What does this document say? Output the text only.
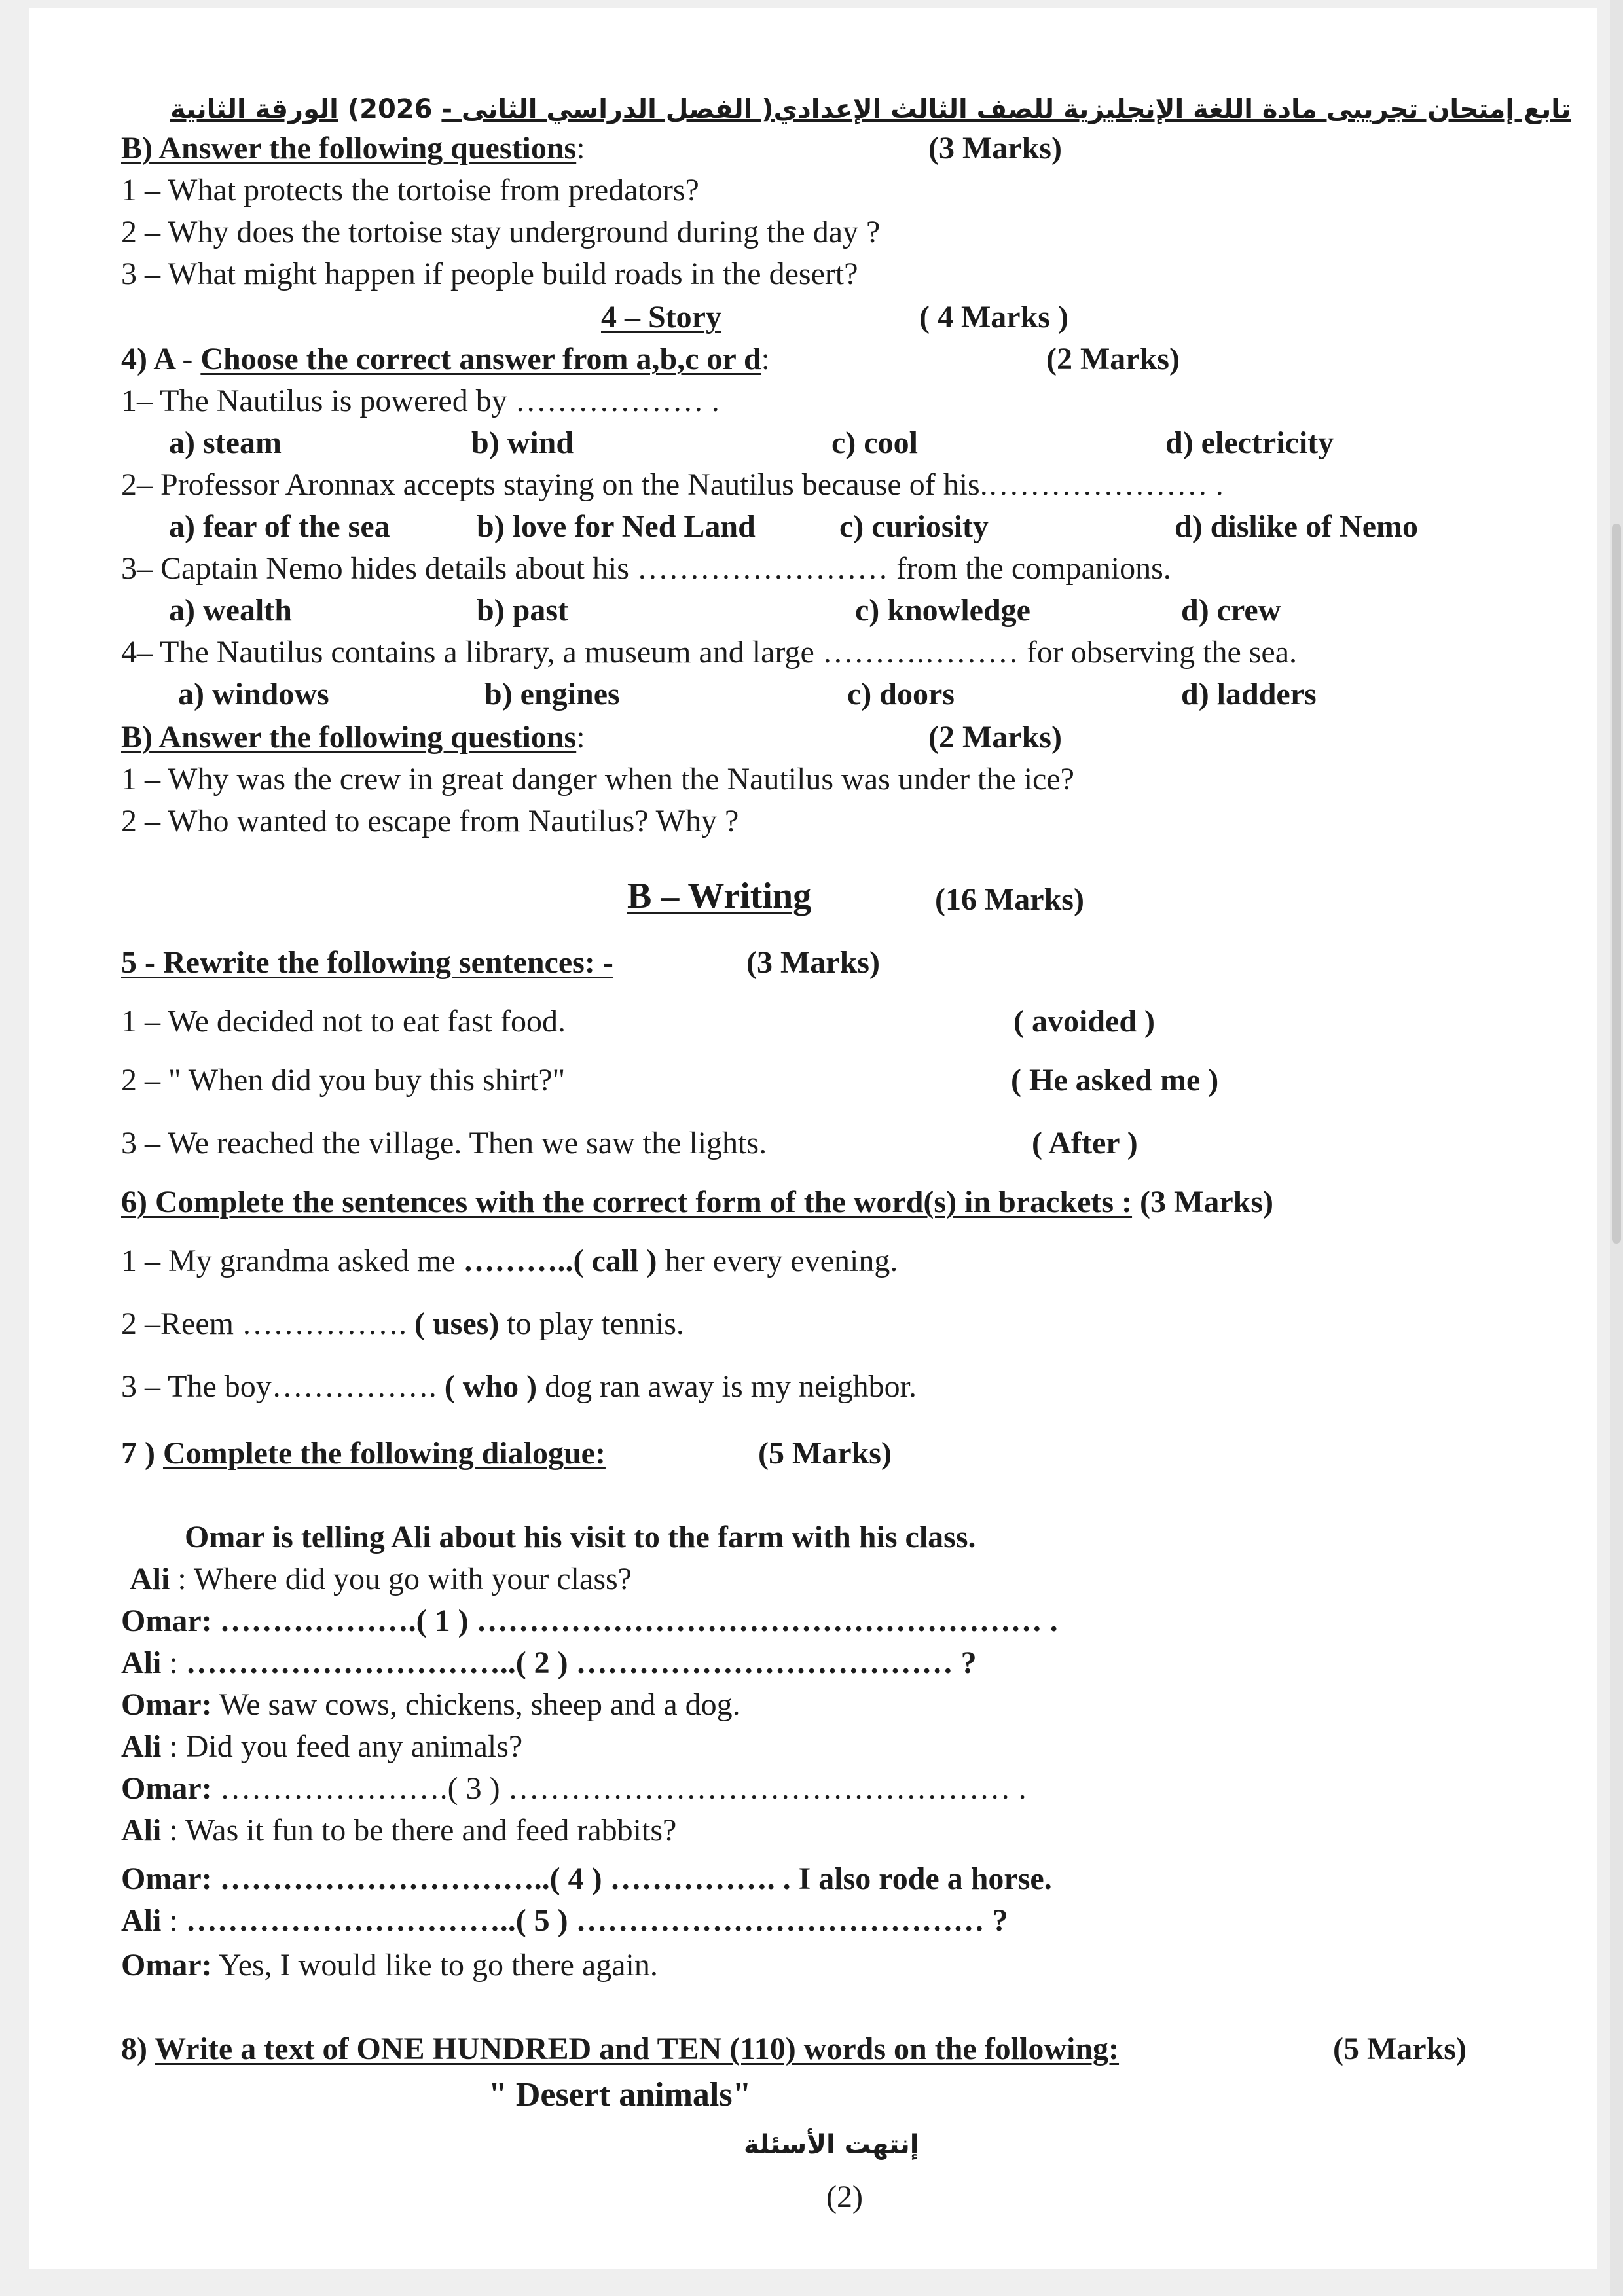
تابع إمتحان تجريبى مادة اللغة الإنجليزية للصف الثالث الإعدادي( الفصل الدراسي الثانى - (2026 الورقة الثانية
B) Answer the following questions:	(3 Marks)
1 – What protects the tortoise from predators?
2 – Why does the tortoise stay underground during the day ?
3 – What might happen if people build roads in the desert?
4 – Story	( 4 Marks )
4) A - Choose the correct answer from a,b,c or d:	(2 Marks)
1– The Nautilus is powered by ……………… .
a) steam	b) wind	c) cool	d) electricity
2– Professor Aronnax accepts staying on the Nautilus because of his.………………… .
a) fear of the sea	b) love for Ned Land	c) curiosity	d) dislike of Nemo
3– Captain Nemo hides details about his …………………… from the companions.
a) wealth	b) past	c) knowledge	d) crew
4– The Nautilus contains a library, a museum and large ……….……… for observing the sea.
a) windows	b) engines	c) doors	d) ladders
B) Answer the following questions:	(2 Marks)
1 – Why was the crew in great danger when the Nautilus was under the ice?
2 – Who wanted to escape from Nautilus? Why ?
B – Writing	(16 Marks)
5 - Rewrite the following sentences: -	(3 Marks)
1 – We decided not to eat fast food.	( avoided )
2 – " When did you buy this shirt?"	( He asked me )
3 – We reached the village. Then we saw the lights.	( After )
6) Complete the sentences with the correct form of the word(s) in brackets : (3 Marks)
1 – My grandma asked me ………..( call ) her every evening.
2 –Reem ……………. ( uses) to play tennis.
3 – The boy……………. ( who ) dog ran away is my neighbor.
7 ) Complete the following dialogue:	(5 Marks)
Omar is telling Ali about his visit to the farm with his class.
Ali : Where did you go with your class?
Omar: ……………….( 1 ) ……………………………………………… .
Ali : …………………………..( 2 ) ……………………………… ?
Omar: We saw cows, chickens, sheep and a dog.
Ali : Did you feed any animals?
Omar: ………………….( 3 ) ………………………………………… .
Ali : Was it fun to be there and feed rabbits?
Omar: …………………………..( 4 ) ……………. . I also rode a horse.
Ali : …………………………..( 5 ) ………………………………… ?
Omar: Yes, I would like to go there again.
8) Write a text of ONE HUNDRED and TEN (110) words on the following:	(5 Marks)
" Desert animals"
إنتهت الأسئلة
(2)
